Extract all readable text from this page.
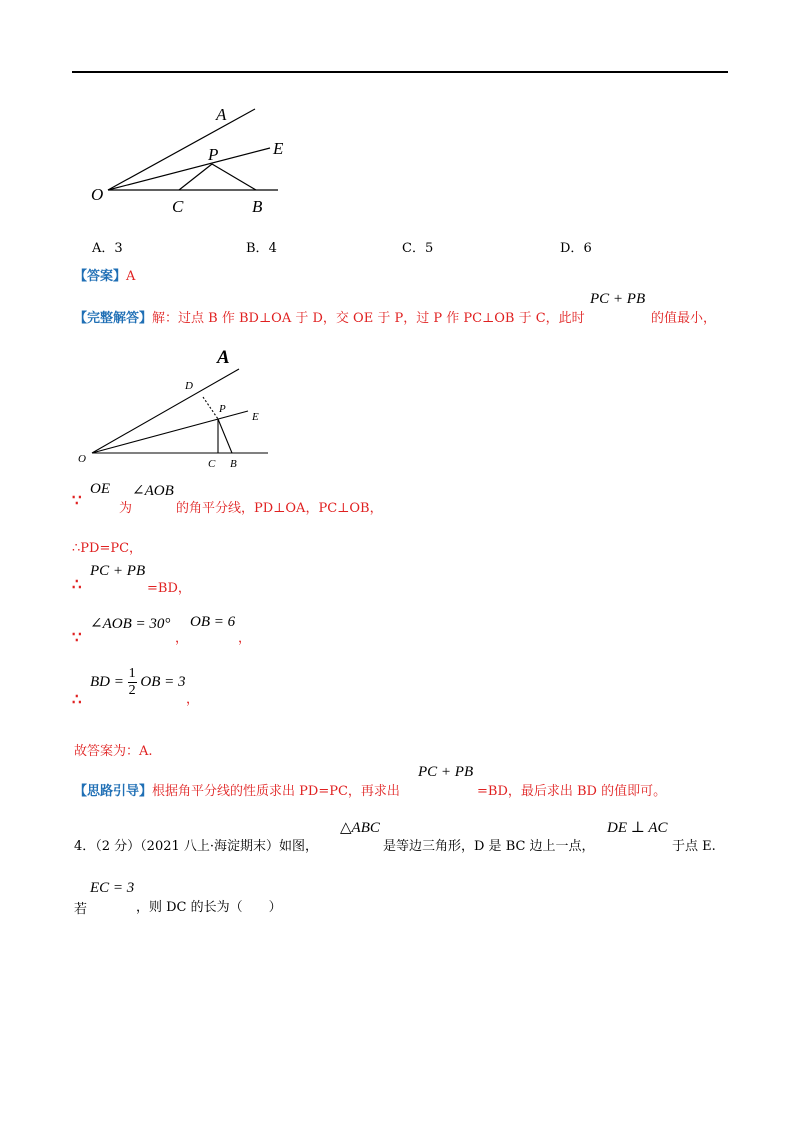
A
E
P
O
C	B
A．3	B．4	C．5	D．6
【答案】A
【完整解答】解：过点 B 作 BD⊥OA 于 D，交 OE 于 P，过 P 作 PC⊥OB 于 C，此时
PC + PB
的值最小，
A
D
P
E
O	C B
∵
OE
为
∠AOB
的角平分线，PD⊥OA，PC⊥OB，
∴PD=PC，
∴
PC + PB
=BD，
∵
∠AOB = 30°
，
OB = 6
，
∴
BD = $\frac{1}{2}$ OB = 3
，
故答案为：A.
【思路引导】根据角平分线的性质求出 PD=PC，再求出
PC + PB
=BD，最后求出 BD 的值即可。
4．（2 分）（2021 八上·海淀期末）如图，
△ABC
是等边三角形，D 是 BC 边上一点，
DE ⊥ AC
于点 E.
若
EC = 3
，则 DC 的长为（　　）
